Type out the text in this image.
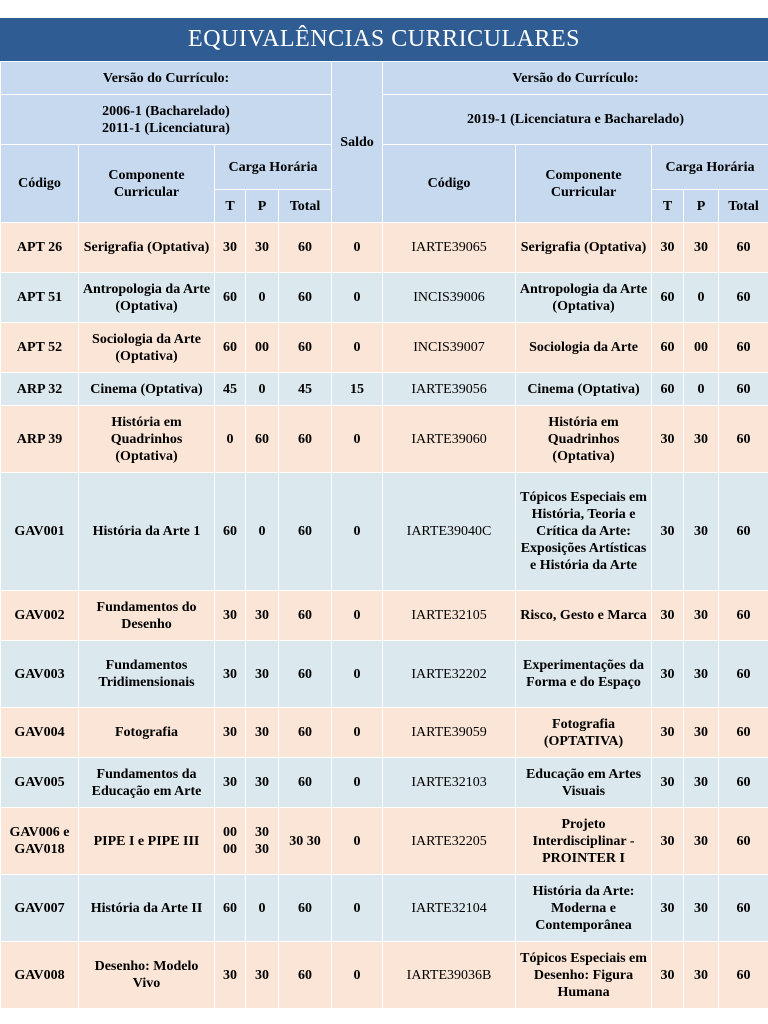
EQUIVALÊNCIAS CURRICULARES
Versão do Currículo:					Saldo	Versão do Currículo:				
2006-1 (Bacharelado)
2011-1 (Licenciatura)						2019-1 (Licenciatura e Bacharelado)				
Código	Componente Curricular	Carga Horária				Código	Componente Curricular	Carga Horária		
		T	P	Total				T	P	Total
APT 26	Serigrafia (Optativa)	30	30	60	0	IARTE39065	Serigrafia (Optativa)	30	30	60
APT 51	Antropologia da Arte (Optativa)	60	0	60	0	INCIS39006	Antropologia da Arte (Optativa)	60	0	60
APT 52	Sociologia da Arte (Optativa)	60	00	60	0	INCIS39007	Sociologia da Arte	60	00	60
ARP 32	Cinema (Optativa)	45	0	45	15	IARTE39056	Cinema (Optativa)	60	0	60
ARP 39	História em Quadrinhos (Optativa)	0	60	60	0	IARTE39060	História em Quadrinhos (Optativa)	30	30	60
GAV001	História da Arte 1	60	0	60	0	IARTE39040C	Tópicos Especiais em História, Teoria e Crítica da Arte: Exposições Artísticas e História da Arte	30	30	60
GAV002	Fundamentos do Desenho	30	30	60	0	IARTE32105	Risco, Gesto e Marca	30	30	60
GAV003	Fundamentos Tridimensionais	30	30	60	0	IARTE32202	Experimentações da Forma e do Espaço	30	30	60
GAV004	Fotografia	30	30	60	0	IARTE39059	Fotografia (OPTATIVA)	30	30	60
GAV005	Fundamentos da Educação em Arte	30	30	60	0	IARTE32103	Educação em Artes Visuais	30	30	60
GAV006 e GAV018	PIPE I e PIPE III	00 00	30 30	30 30	0	IARTE32205	Projeto Interdisciplinar - PROINTER I	30	30	60
GAV007	História da Arte II	60	0	60	0	IARTE32104	História da Arte: Moderna e Contemporânea	30	30	60
GAV008	Desenho: Modelo Vivo	30	30	60	0	IARTE39036B	Tópicos Especiais em Desenho: Figura Humana	30	30	60
